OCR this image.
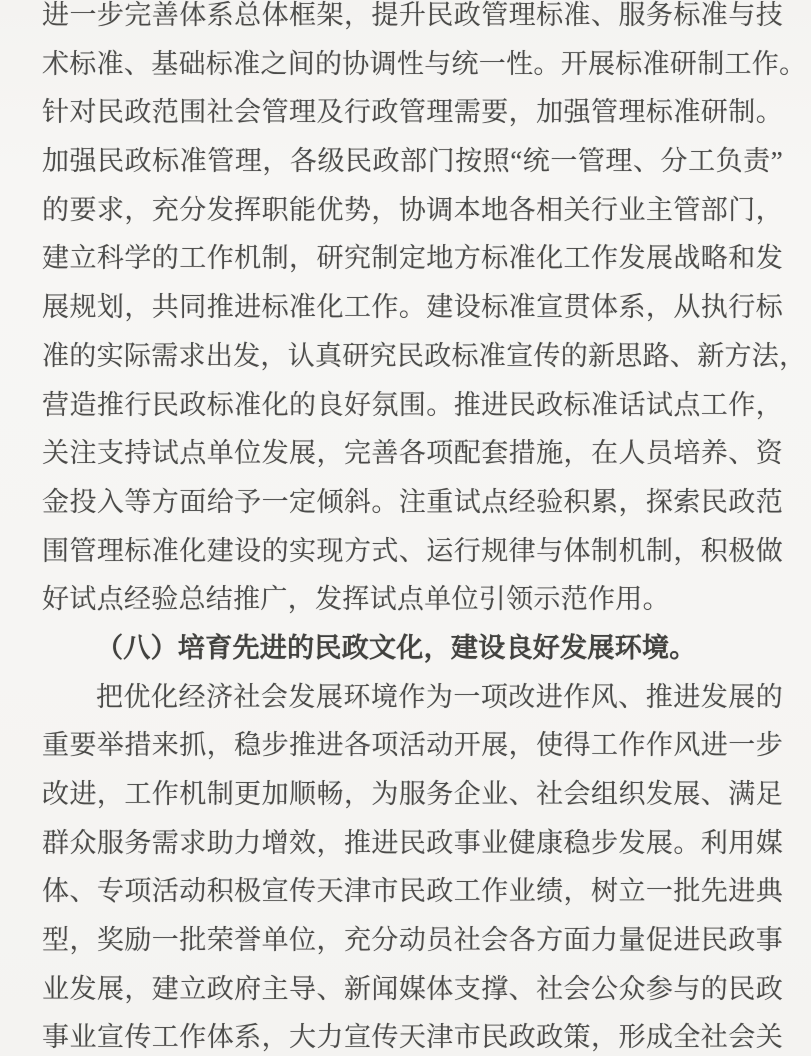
进一步完善体系总体框架，提升民政管理标准、服务标准与技
术标准、基础标准之间的协调性与统一性。开展标准研制工作。
针对民政范围社会管理及行政管理需要，加强管理标准研制。
加强民政标准管理，各级民政部门按照“统一管理、分工负责”
的要求，充分发挥职能优势，协调本地各相关行业主管部门，
建立科学的工作机制，研究制定地方标准化工作发展战略和发
展规划，共同推进标准化工作。建设标准宣贯体系，从执行标
准的实际需求出发，认真研究民政标准宣传的新思路、新方法，
营造推行民政标准化的良好氛围。推进民政标准话试点工作，
关注支持试点单位发展，完善各项配套措施，在人员培养、资
金投入等方面给予一定倾斜。注重试点经验积累，探索民政范
围管理标准化建设的实现方式、运行规律与体制机制，积极做
好试点经验总结推广，发挥试点单位引领示范作用。
（八）培育先进的民政文化，建设良好发展环境。
把优化经济社会发展环境作为一项改进作风、推进发展的
重要举措来抓，稳步推进各项活动开展，使得工作作风进一步
改进，工作机制更加顺畅，为服务企业、社会组织发展、满足
群众服务需求助力增效，推进民政事业健康稳步发展。利用媒
体、专项活动积极宣传天津市民政工作业绩，树立一批先进典
型，奖励一批荣誉单位，充分动员社会各方面力量促进民政事
业发展，建立政府主导、新闻媒体支撑、社会公众参与的民政
事业宣传工作体系，大力宣传天津市民政政策，形成全社会关
